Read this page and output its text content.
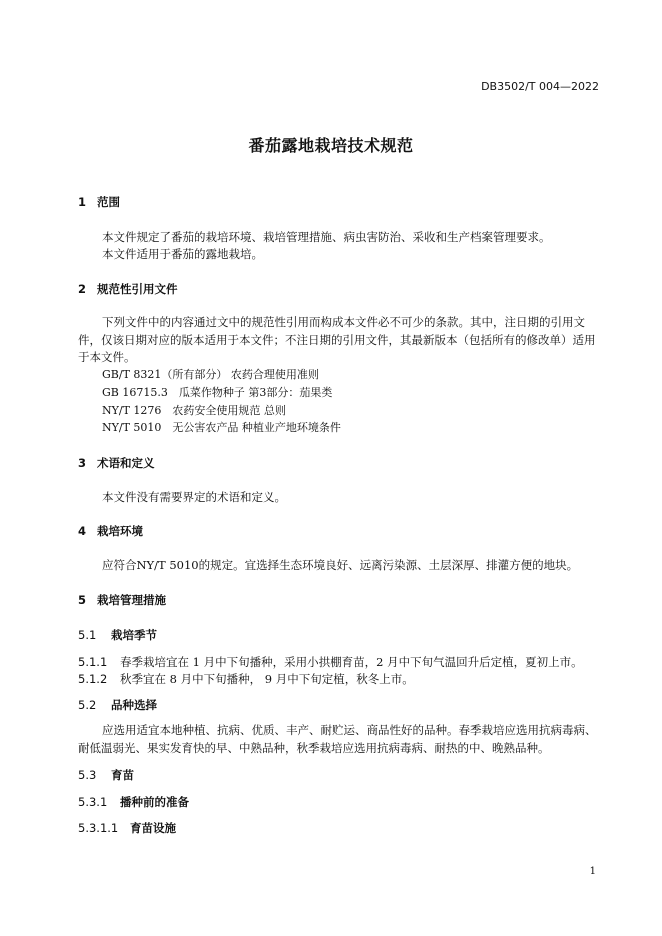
DB3502/T 004—2022
番茄露地栽培技术规范
1 范围
本文件规定了番茄的栽培环境、栽培管理措施、病虫害防治、采收和生产档案管理要求。
本文件适用于番茄的露地栽培。
2 规范性引用文件
下列文件中的内容通过文中的规范性引用而构成本文件必不可少的条款。其中，注日期的引用文件，仅该日期对应的版本适用于本文件；不注日期的引用文件，其最新版本（包括所有的修改单）适用于本文件。
GB/T 8321（所有部分） 农药合理使用准则
GB 16715.3　瓜菜作物种子 第3部分：茄果类
NY/T 1276　农药安全使用规范 总则
NY/T 5010　无公害农产品 种植业产地环境条件
3 术语和定义
本文件没有需要界定的术语和定义。
4 栽培环境
应符合NY/T 5010的规定。宜选择生态环境良好、远离污染源、土层深厚、排灌方便的地块。
5 栽培管理措施
5.1 栽培季节
5.1.1 春季栽培宜在 1 月中下旬播种，采用小拱棚育苗，2 月中下旬气温回升后定植，夏初上市。
5.1.2 秋季宜在 8 月中下旬播种， 9 月中下旬定植，秋冬上市。
5.2 品种选择
应选用适宜本地种植、抗病、优质、丰产、耐贮运、商品性好的品种。春季栽培应选用抗病毒病、耐低温弱光、果实发育快的早、中熟品种，秋季栽培应选用抗病毒病、耐热的中、晚熟品种。
5.3 育苗
5.3.1 播种前的准备
5.3.1.1 育苗设施
1
